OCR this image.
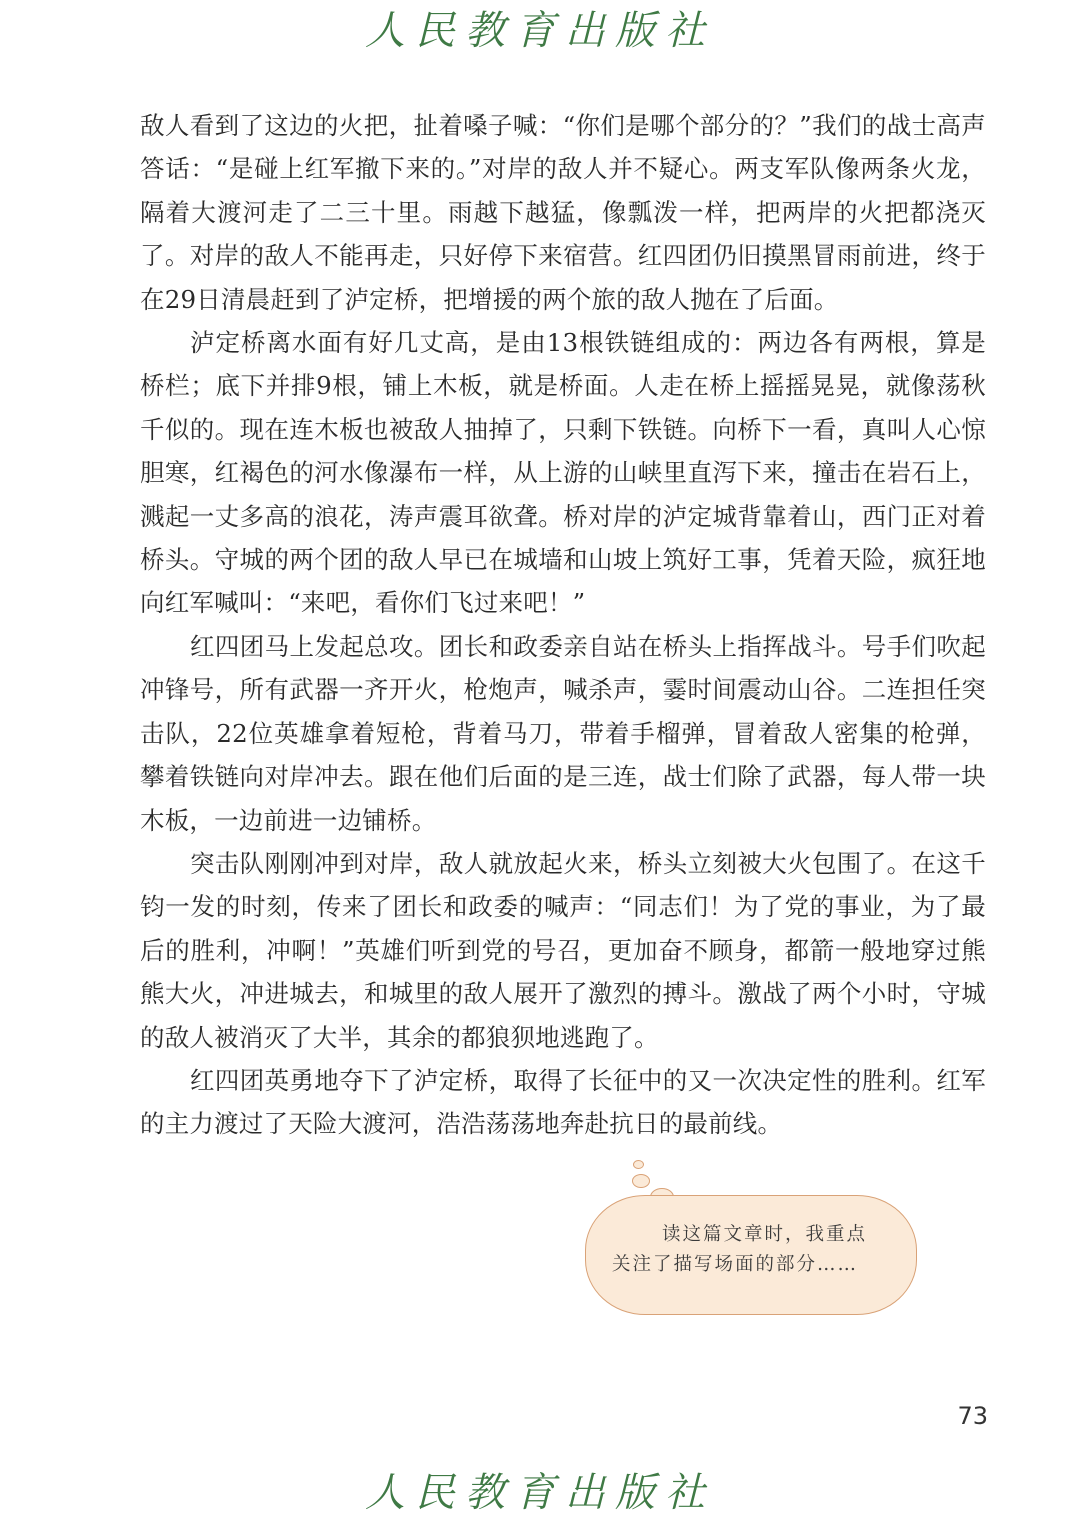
人民教育出版社

敌人看到了这边的火把，扯着嗓子喊：“你们是哪个部分的？”我们的战士高声答话：“是碰上红军撤下来的。”对岸的敌人并不疑心。两支军队像两条火龙，隔着大渡河走了二三十里。雨越下越猛，像瓢泼一样，把两岸的火把都浇灭了。对岸的敌人不能再走，只好停下来宿营。红四团仍旧摸黑冒雨前进，终于在29日清晨赶到了泸定桥，把增援的两个旅的敌人抛在了后面。

泸定桥离水面有好几丈高，是由13根铁链组成的：两边各有两根，算是桥栏；底下并排9根，铺上木板，就是桥面。人走在桥上摇摇晃晃，就像荡秋千似的。现在连木板也被敌人抽掉了，只剩下铁链。向桥下一看，真叫人心惊胆寒，红褐色的河水像瀑布一样，从上游的山峡里直泻下来，撞击在岩石上，溅起一丈多高的浪花，涛声震耳欲聋。桥对岸的泸定城背靠着山，西门正对着桥头。守城的两个团的敌人早已在城墙和山坡上筑好工事，凭着天险，疯狂地向红军喊叫：“来吧，看你们飞过来吧！”

红四团马上发起总攻。团长和政委亲自站在桥头上指挥战斗。号手们吹起冲锋号，所有武器一齐开火，枪炮声，喊杀声，霎时间震动山谷。二连担任突击队，22位英雄拿着短枪，背着马刀，带着手榴弹，冒着敌人密集的枪弹，攀着铁链向对岸冲去。跟在他们后面的是三连，战士们除了武器，每人带一块木板，一边前进一边铺桥。

突击队刚刚冲到对岸，敌人就放起火来，桥头立刻被大火包围了。在这千钧一发的时刻，传来了团长和政委的喊声：“同志们！为了党的事业，为了最后的胜利，冲啊！”英雄们听到党的号召，更加奋不顾身，都箭一般地穿过熊熊大火，冲进城去，和城里的敌人展开了激烈的搏斗。激战了两个小时，守城的敌人被消灭了大半，其余的都狼狈地逃跑了。

红四团英勇地夺下了泸定桥，取得了长征中的又一次决定性的胜利。红军的主力渡过了天险大渡河，浩浩荡荡地奔赴抗日的最前线。

读这篇文章时，我重点
关注了描写场面的部分……
73
人民教育出版社
